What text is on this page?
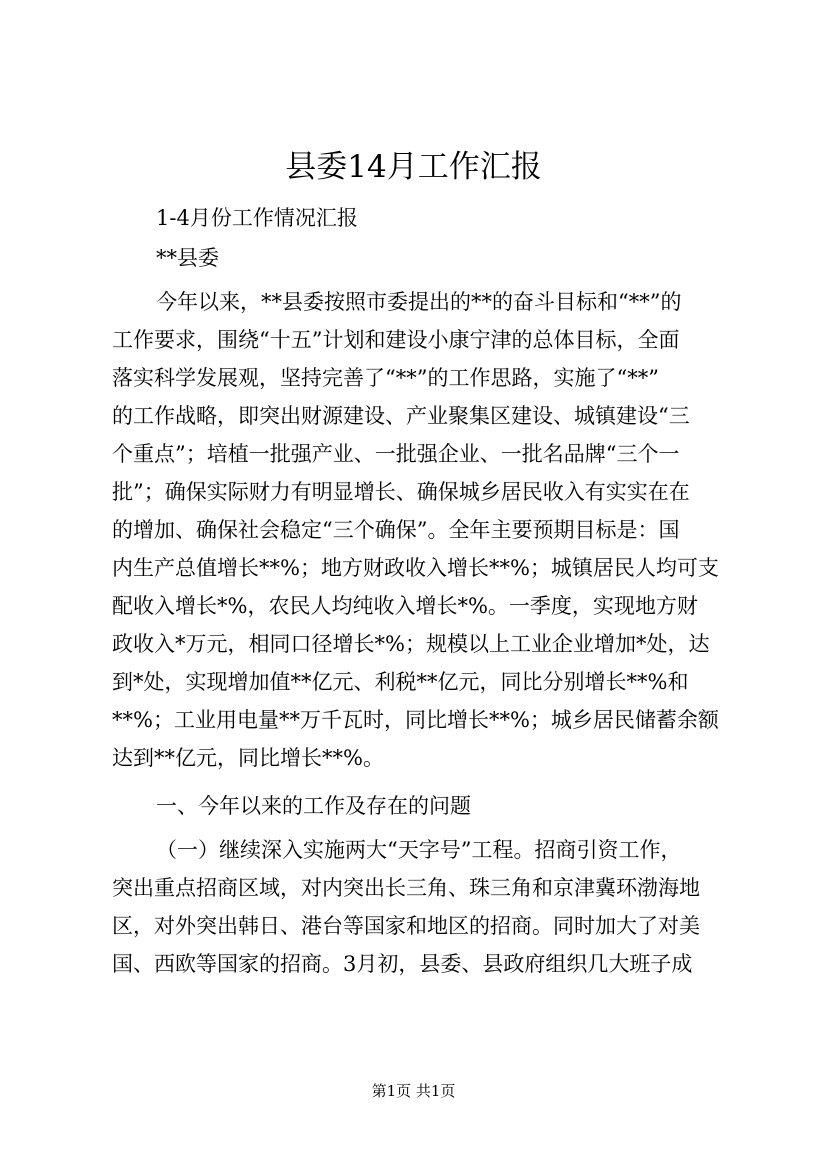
县委14月工作汇报
1-4月份工作情况汇报
**县委
今年以来，**县委按照市委提出的**的奋斗目标和“**”的
工作要求，围绕“十五”计划和建设小康宁津的总体目标，全面
落实科学发展观，坚持完善了“**”的工作思路，实施了“**”
的工作战略，即突出财源建设、产业聚集区建设、城镇建设“三
个重点”；培植一批强产业、一批强企业、一批名品牌“三个一
批”；确保实际财力有明显增长、确保城乡居民收入有实实在在
的增加、确保社会稳定“三个确保”。全年主要预期目标是：国
内生产总值增长**%；地方财政收入增长**%；城镇居民人均可支
配收入增长*%，农民人均纯收入增长*%。一季度，实现地方财
政收入*万元，相同口径增长*%；规模以上工业企业增加*处，达
到*处，实现增加值**亿元、利税**亿元，同比分别增长**%和
**%；工业用电量**万千瓦时，同比增长**%；城乡居民储蓄余额
达到**亿元，同比增长**%。
一、今年以来的工作及存在的问题
（一）继续深入实施两大“天字号”工程。招商引资工作，
突出重点招商区域，对内突出长三角、珠三角和京津冀环渤海地
区，对外突出韩日、港台等国家和地区的招商。同时加大了对美
国、西欧等国家的招商。3月初，县委、县政府组织几大班子成
第1页 共1页
